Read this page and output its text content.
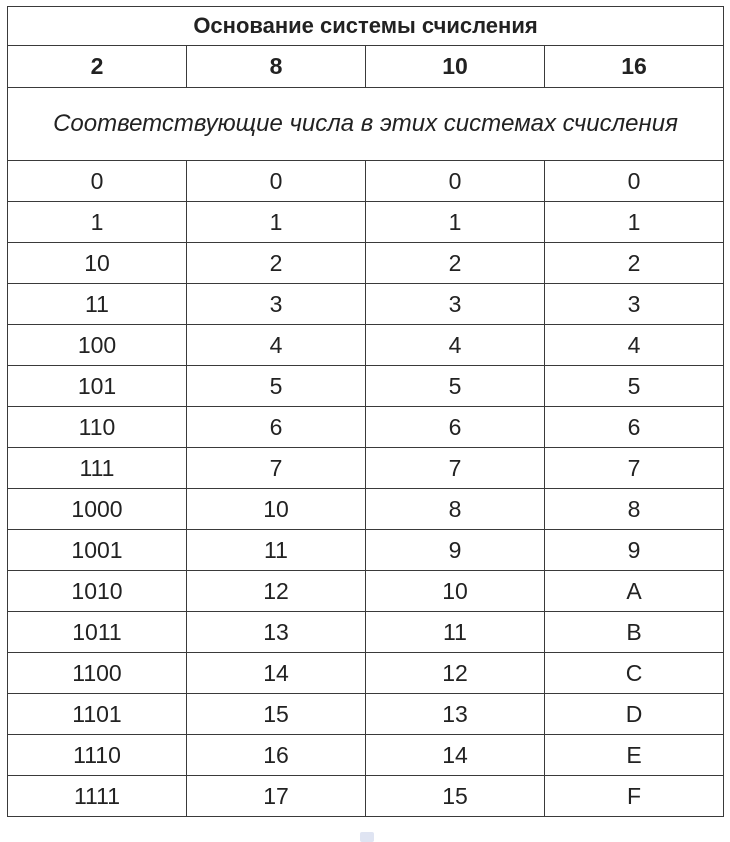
Основание системы счисления			
2	8	10	16
Соответствующие числа в этих системах счисления			
0	0	0	0
1	1	1	1
10	2	2	2
11	3	3	3
100	4	4	4
101	5	5	5
110	6	6	6
111	7	7	7
1000	10	8	8
1001	11	9	9
1010	12	10	A
1011	13	11	B
1100	14	12	C
1101	15	13	D
1110	16	14	E
1111	17	15	F
